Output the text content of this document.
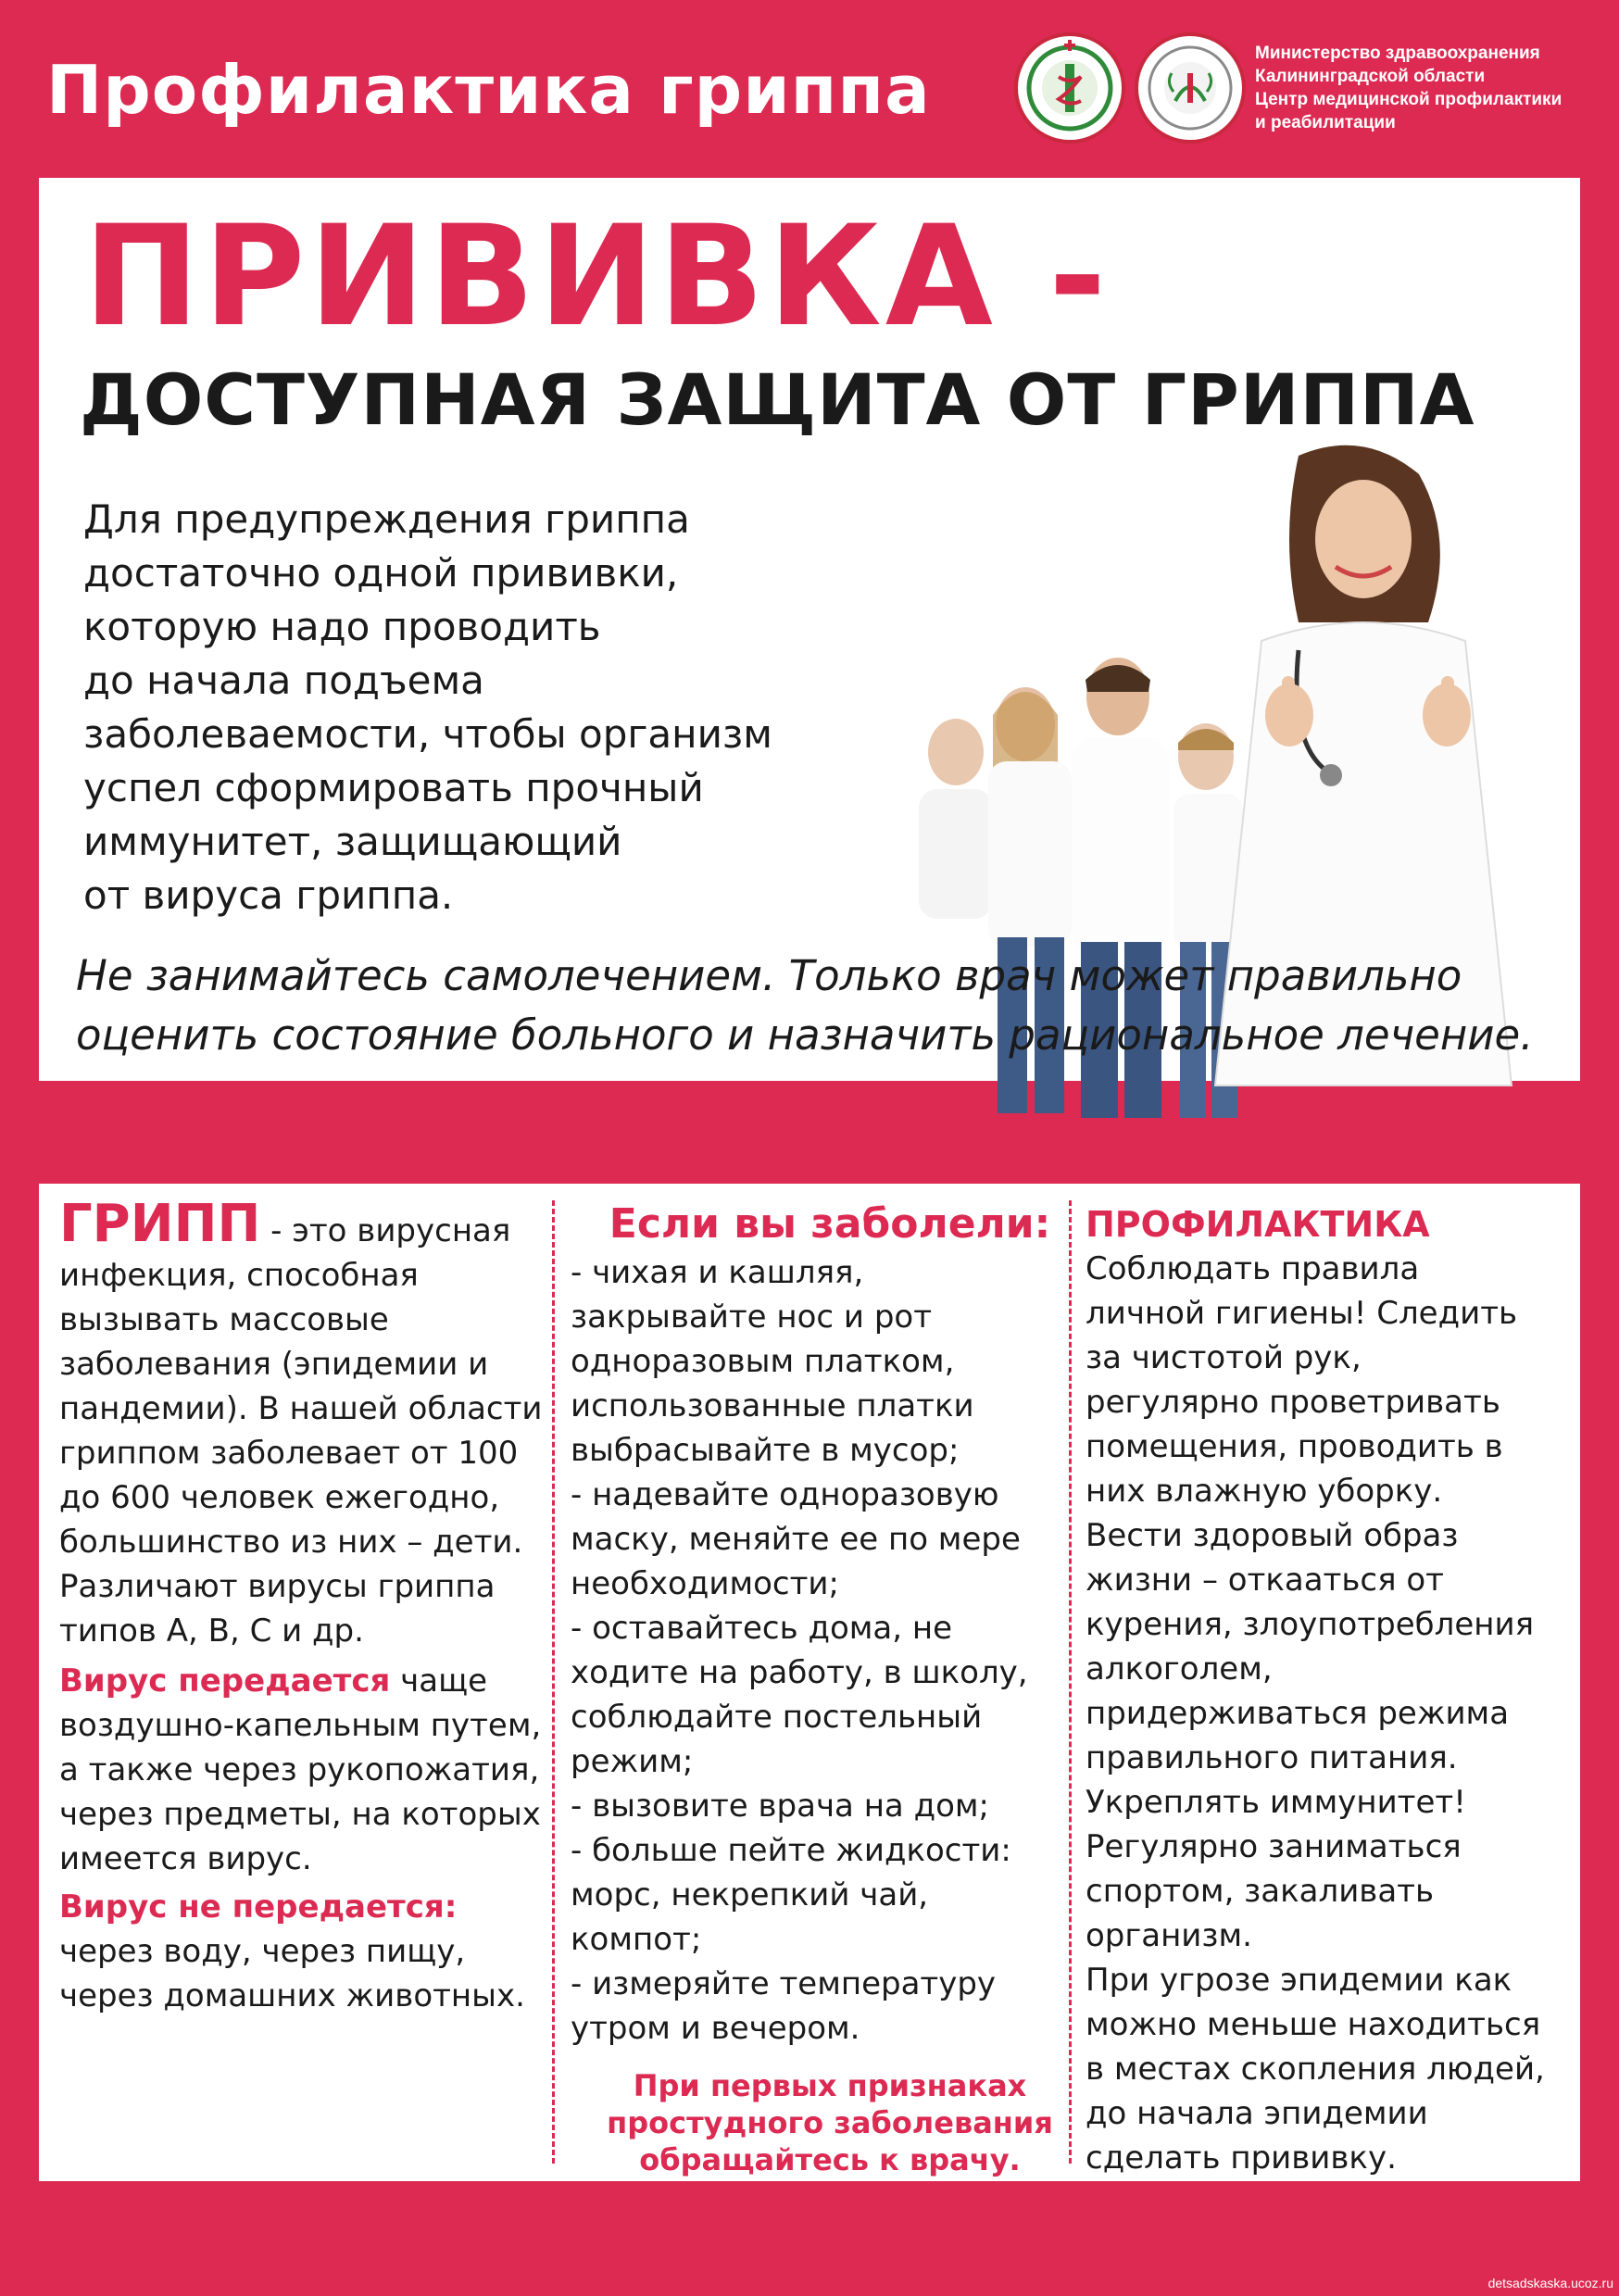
Профилактика гриппа	Министерство здравоохранения
Калининградской области
Центр медицинской профилактики
и реабилитации
ПРИВИВКА -
ДОСТУПНАЯ ЗАЩИТА ОТ ГРИППА
Для предупреждения гриппа
достаточно одной прививки,
которую надо проводить
до начала подъема
заболеваемости, чтобы организм
успел сформировать прочный
иммунитет, защищающий
от вируса гриппа.
Не занимайтесь самолечением. Только врач может правильно
оценить состояние больного и назначить рациональное лечение.
ГРИПП - это вирусная инфекция, способная вызывать массовые заболевания (эпидемии и пандемии). В нашей области гриппом заболевает от 100 до 600 человек ежегодно, большинство из них – дети. Различают вирусы гриппа типов А, В, С и др.
Вирус передается чаще воздушно-капельным путем, а также через рукопожатия, через предметы, на которых имеется вирус.
Вирус не передается:
через воду, через пищу, через домашних животных.
Если вы заболели:
- чихая и кашляя,
закрывайте нос и рот
одноразовым платком,
использованные платки
выбрасывайте в мусор;
- надевайте одноразовую
маску, меняйте ее по мере
необходимости;
- оставайтесь дома, не
ходите на работу, в школу,
соблюдайте постельный
режим;
- вызовите врача на дом;
- больше пейте жидкости:
морс, некрепкий чай,
компот;
- измеряйте температуру
утром и вечером.
При первых признаках
простудного заболевания
обращайтесь к врачу.
ПРОФИЛАКТИКА
Соблюдать правила
личной гигиены! Следить
за чистотой рук,
регулярно проветривать
помещения, проводить в
них влажную уборку.
Вести здоровый образ
жизни – откааться от
курения, злоупотребления
алкоголем,
придерживаться режима
правильного питания.
Укреплять иммунитет!
Регулярно заниматься
спортом, закаливать
организм.
При угрозе эпидемии как
можно меньше находиться
в местах скопления людей,
до начала эпидемии
сделать прививку.
detsadskaska.ucoz.ru
